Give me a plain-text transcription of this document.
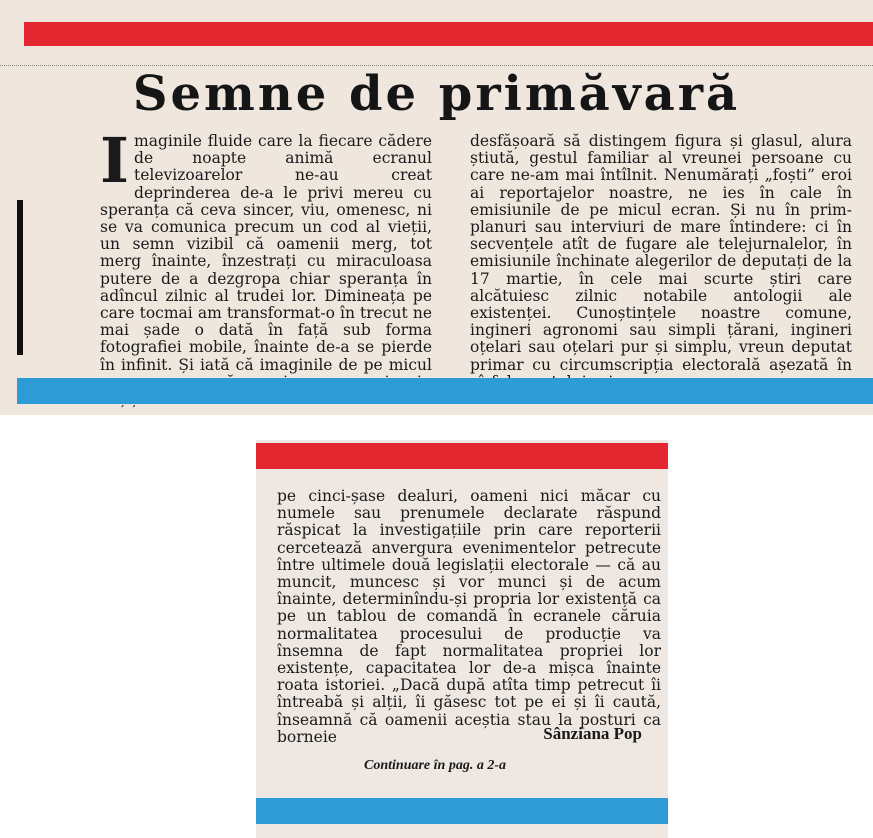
Semne de primăvară
I maginile fluide care la fiecare cădere de noapte animă ecranul televizoarelor ne-au creat deprinderea de-a le privi mereu cu speranța că ceva sincer, viu, omenesc, ni se va comunica precum un cod al vieții, un semn vizibil că oamenii merg, tot merg înainte, înzestrați cu miraculoasa putere de a dezgropa chiar speranța în adîncul zilnic al trudei lor. Dimineața pe care tocmai am transformat-o în trecut ne mai șade o dată în față sub forma fotografiei mobile, înainte de-a se pierde în infinit. Și iată că imaginile de pe micul

desfășoară să distingem figura și glasul, alura știută, gestul familiar al vreunei persoane cu care ne-am mai întîlnit. Nenumărați „foști” eroi ai reportajelor noastre, ne ies în cale în emisiunile de pe micul ecran. Și nu în prim-planuri sau interviuri de mare întindere: ci în secvențele atît de fugare ale telejurnalelor, în emisiunile închinate alegerilor de deputați de la 17 martie, în cele mai scurte știri care alcătuiesc zilnic notabile antologii ale existenței. Cunoștințele noastre comune, ingineri agronomi sau simpli țărani, ingineri oțelari sau oțelari pur și simplu, vreun deputat primar cu circumscripția electorală așezată în

pe cinci-șase dealuri, oameni nici măcar cu numele sau prenumele declarate răspund răspicat la investigațiile prin care reporterii cercetează anvergura evenimentelor petrecute între ultimele două legislații electorale — că au muncit, muncesc și vor munci și de acum înainte, determinîndu-și propria lor existență ca pe un tablou de comandă în ecranele căruia normalitatea procesului de producție va însemna de fapt normalitatea propriei lor existențe, capacitatea lor de-a mișca înainte roata istoriei. „Dacă după atîta timp petrecut îi întreabă și alții, îi găsesc tot pe ei și îi caută, înseamnă că oamenii aceștia stau la posturi ca borneie	Sânziana Pop

Continuare în pag. a 2-a
